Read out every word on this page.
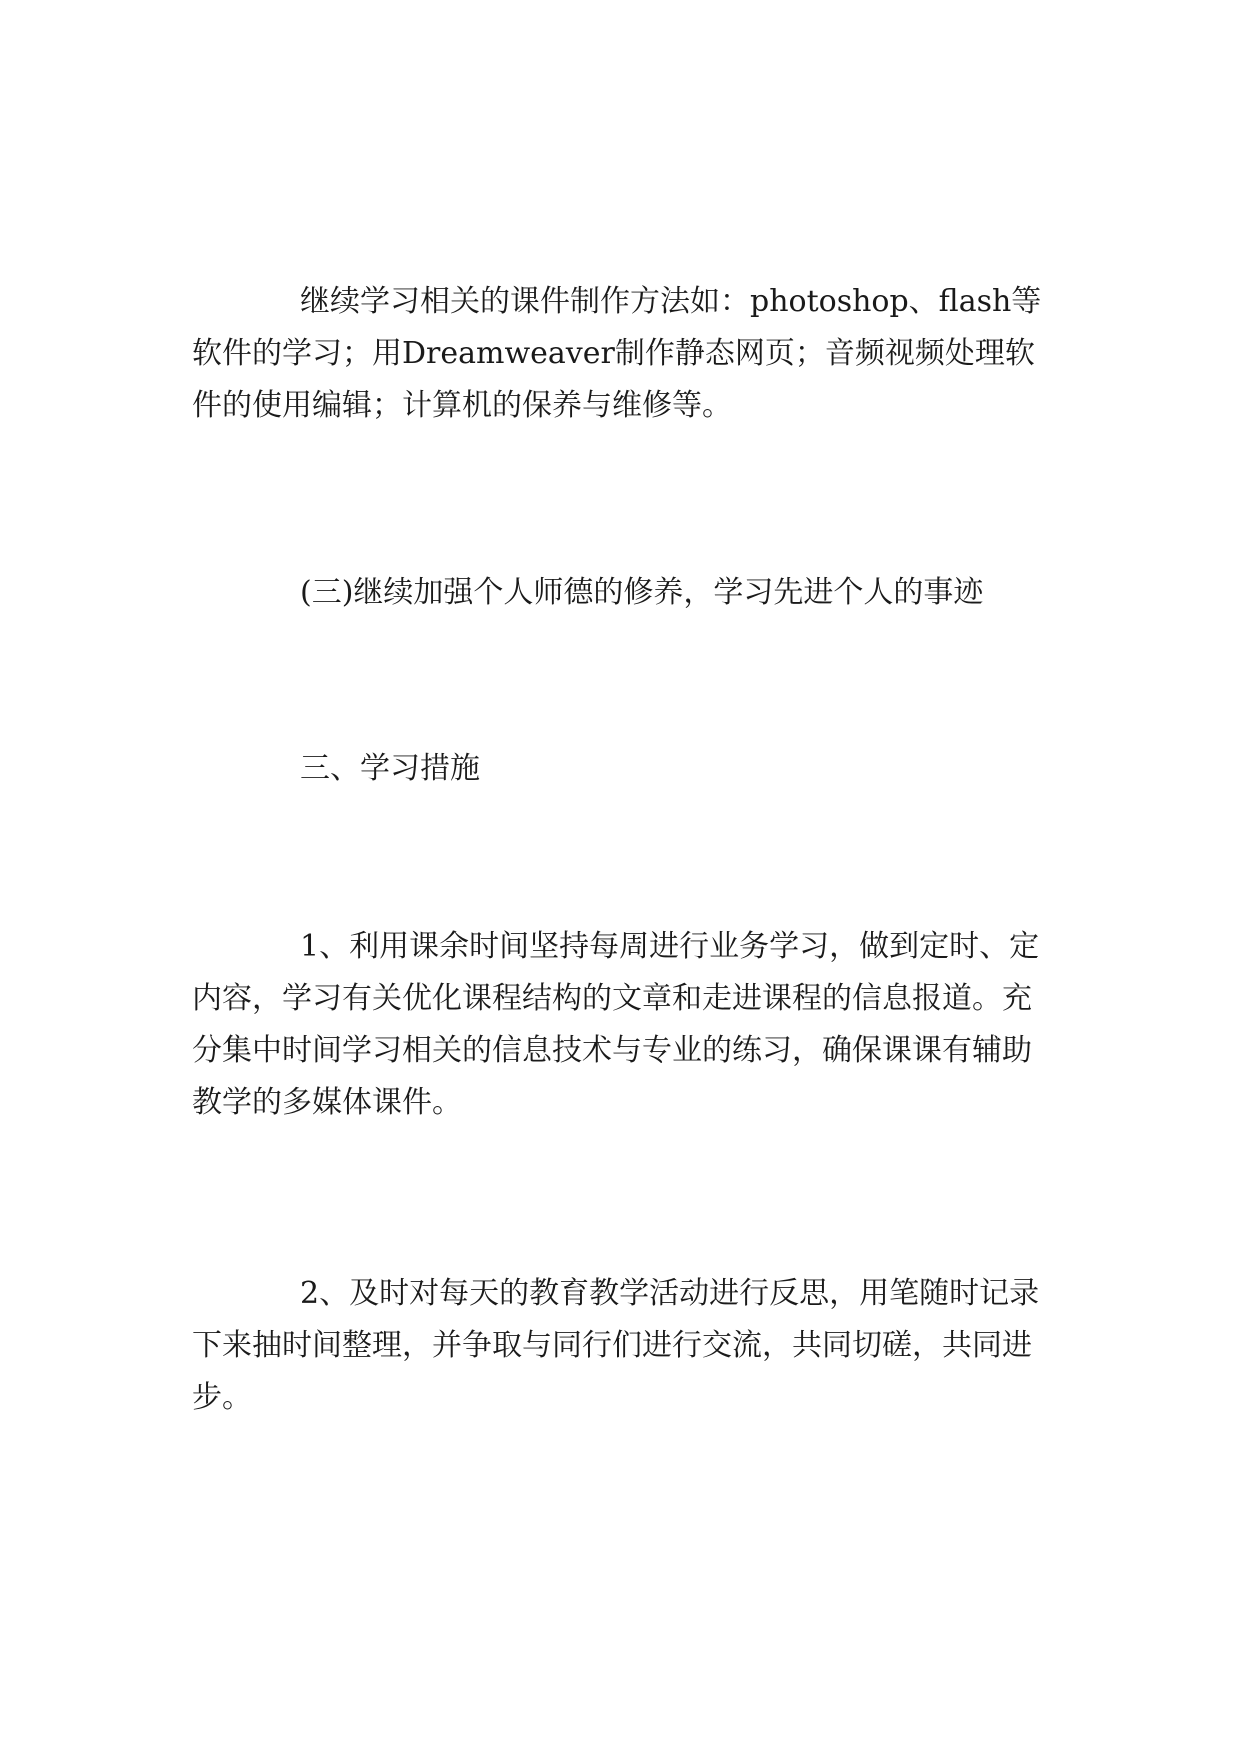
继续学习相关的课件制作方法如：photoshop、flash等软件的学习；用Dreamweaver制作静态网页；音频视频处理软件的使用编辑；计算机的保养与维修等。

(三)继续加强个人师德的修养，学习先进个人的事迹

三、学习措施

1、利用课余时间坚持每周进行业务学习，做到定时、定内容，学习有关优化课程结构的文章和走进课程的信息报道。充分集中时间学习相关的信息技术与专业的练习，确保课课有辅助教学的多媒体课件。

2、及时对每天的教育教学活动进行反思，用笔随时记录下来抽时间整理，并争取与同行们进行交流，共同切磋，共同进步。
